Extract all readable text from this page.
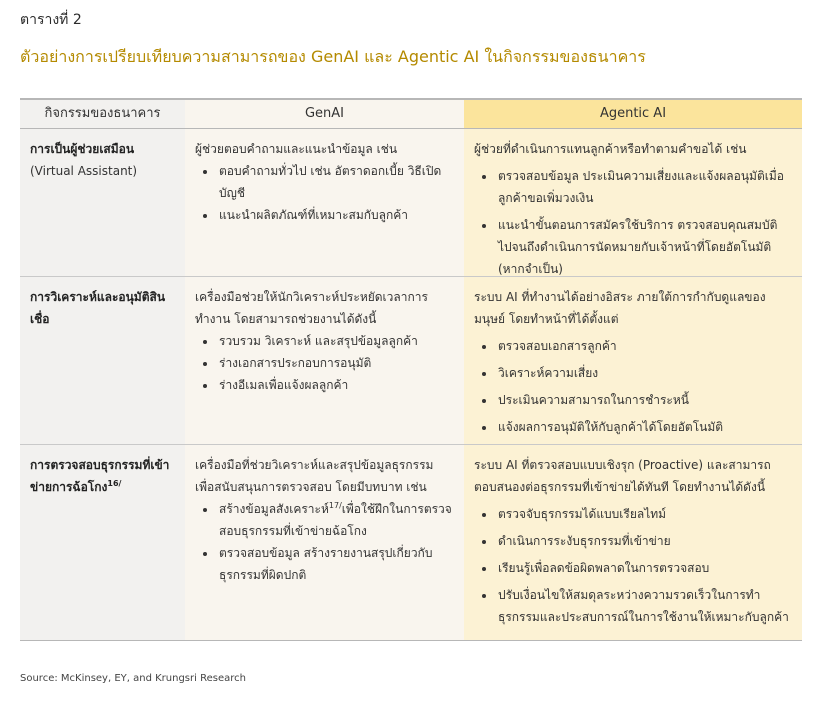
ตารางที่ 2
ตัวอย่างการเปรียบเทียบความสามารถของ GenAI และ Agentic AI ในกิจกรรมของธนาคาร
กิจกรรมของธนาคาร	GenAI	Agentic AI
การเป็นผู้ช่วยเสมือน
(Virtual Assistant)
ผู้ช่วยตอบคำถามและแนะนำข้อมูล เช่น
• ตอบคำถามทั่วไป เช่น อัตราดอกเบี้ย วิธีเปิดบัญชี
• แนะนำผลิตภัณฑ์ที่เหมาะสมกับลูกค้า
ผู้ช่วยที่ดำเนินการแทนลูกค้าหรือทำตามคำขอได้ เช่น
• ตรวจสอบข้อมูล ประเมินความเสี่ยงและแจ้งผลอนุมัติเมื่อลูกค้าขอเพิ่มวงเงิน
• แนะนำขั้นตอนการสมัครใช้บริการ ตรวจสอบคุณสมบัติ ไปจนถึงดำเนินการนัดหมายกับเจ้าหน้าที่โดยอัตโนมัติ (หากจำเป็น)
การวิเคราะห์และอนุมัติสินเชื่อ
เครื่องมือช่วยให้นักวิเคราะห์ประหยัดเวลาการทำงาน โดยสามารถช่วยงานได้ดังนี้
• รวบรวม วิเคราะห์ และสรุปข้อมูลลูกค้า
• ร่างเอกสารประกอบการอนุมัติ
• ร่างอีเมลเพื่อแจ้งผลลูกค้า
ระบบ AI ที่ทำงานได้อย่างอิสระ ภายใต้การกำกับดูแลของมนุษย์ โดยทำหน้าที่ได้ตั้งแต่
• ตรวจสอบเอกสารลูกค้า
• วิเคราะห์ความเสี่ยง
• ประเมินความสามารถในการชำระหนี้
• แจ้งผลการอนุมัติให้กับลูกค้าได้โดยอัตโนมัติ
การตรวจสอบธุรกรรมที่เข้าข่ายการฉ้อโกง$^{16/}$
เครื่องมือที่ช่วยวิเคราะห์และสรุปข้อมูลธุรกรรม เพื่อสนับสนุนการตรวจสอบ โดยมีบทบาท เช่น
• สร้างข้อมูลสังเคราะห์$^{17/}$เพื่อใช้ฝึกในการตรวจสอบธุรกรรมที่เข้าข่ายฉ้อโกง
• ตรวจสอบข้อมูล สร้างรายงานสรุปเกี่ยวกับธุรกรรมที่ผิดปกติ
ระบบ AI ที่ตรวจสอบแบบเชิงรุก (Proactive) และสามารถตอบสนองต่อธุรกรรมที่เข้าข่ายได้ทันที โดยทำงานได้ดังนี้
• ตรวจจับธุรกรรมได้แบบเรียลไทม์
• ดำเนินการระงับธุรกรรมที่เข้าข่าย
• เรียนรู้เพื่อลดข้อผิดพลาดในการตรวจสอบ
• ปรับเงื่อนไขให้สมดุลระหว่างความรวดเร็วในการทำธุรกรรมและประสบการณ์ในการใช้งานให้เหมาะกับลูกค้า
Source: McKinsey, EY, and Krungsri Research
